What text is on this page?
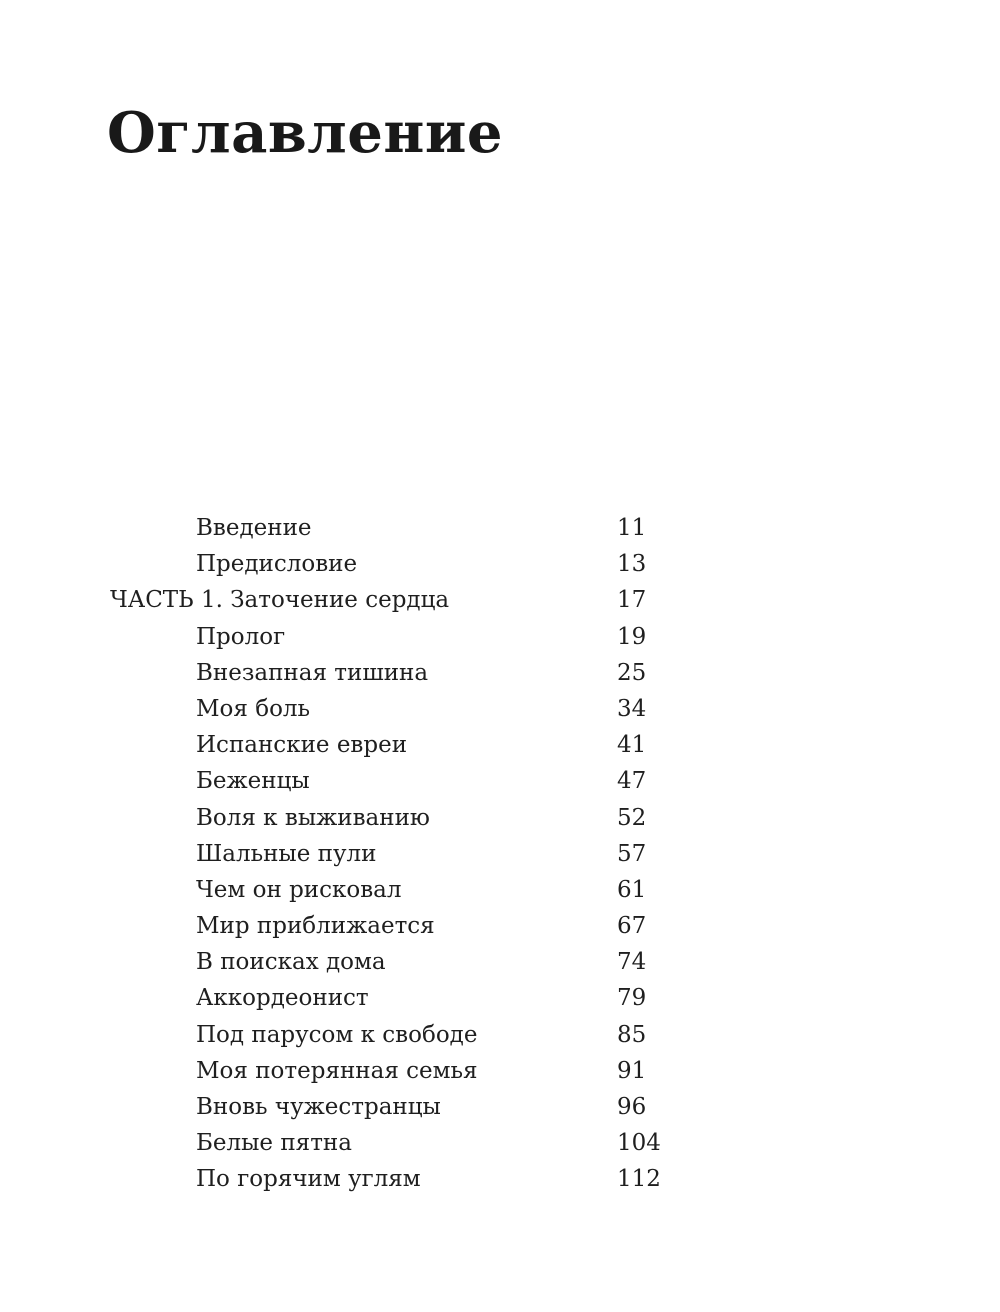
Оглавление
Введение	11
Предисловие	13
ЧАСТЬ 1. Заточение сердца	17
Пролог	19
Внезапная тишина	25
Моя боль	34
Испанские евреи	41
Беженцы	47
Воля к выживанию	52
Шальные пули	57
Чем он рисковал	61
Мир приближается	67
В поисках дома	74
Аккордеонист	79
Под парусом к свободе	85
Моя потерянная семья	91
Вновь чужестранцы	96
Белые пятна	104
По горячим углям	112
